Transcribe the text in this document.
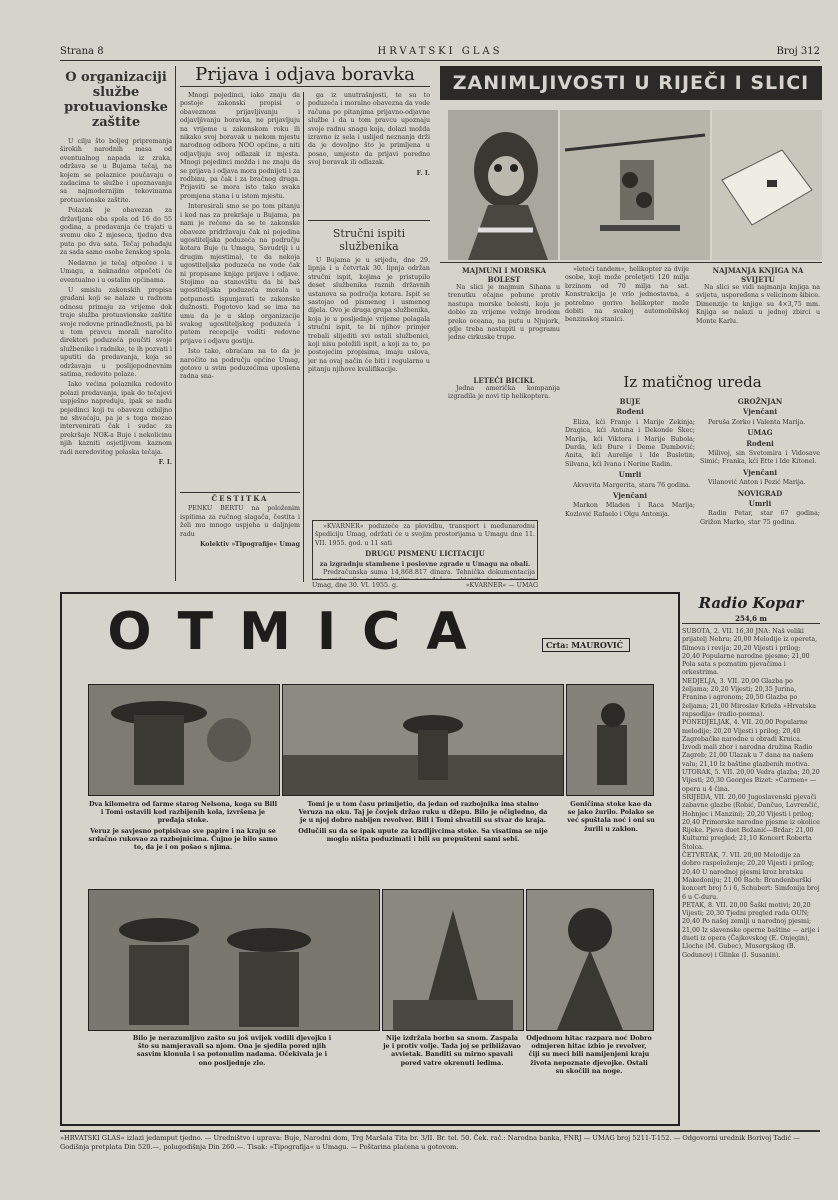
Strana 8	HRVATSKI GLAS	Broj 312
O organizaciji službe protuavionske zaštite

U cilju što boljeg pripremanja širokih narodnih masa od eventualnog napada iz zraka, održava se u Bujama tečaj, na kojem se polaznice poučavaju o zadacima te službe i upoznavanju sa najmodernijim tekovinama protuavionske zaštite.

Polazak je obavezan za državljane oba spola od 16 do 55 godina, a predavanja će trajati u svemu oko 2 mjeseca, tjedno dva puta po dva sata. Tečaj pohađaju za sada samo osobe ženskog spola.

Nedavno je tečaj otpočeo i u Umagu, a naknadno otpočeti će eventualno i u ostalim općinama.

U smislu zakonskih propisa građani koji se nalaze u radnom odnosu primaju za vrijeme dok traje služba protuavionske zaštite svoje redovne prinadležnosti, pa bi u tom pravcu morali naročito direktori poduzeća poučiti svoje službenike i radnike, te ih pozvati i uputiti da predavanja, koja se održavaju u poslijepodnevnim satima, redovito polaze.

Iako većina polaznika redovito polazi predavanja, ipak do tečajevi uspješno napreduju, ipak se nađu pojedinci koji tu obavezu ozbiljno ne shvaćaju, pa je s toga mozao intervenirati čak i sudac za prekršaje NOK-a Buje i nekolicinu njih kazniti osjetljivom kaznom radi neredovitog polaska tečaja.

F. I.
Prijava i odjava boravka

Mnogi pojedinci, iako znaju da postoje zakonski propisi o obaveznom prijavljivanju i odjavljivanju boravka, ne prijavljuju na vrijeme u zakonskom roku ili nikako svoj boravak u nekom mjestu narodnog odbora NOO općine, a niti odjavljuju svoj odlazak iz mjesta. Mnogi pojedinci možda i ne znaju da se prijava i odjava mora podnijeti i za rodbinu, pa čak i za bračnog druga. Prijaviti se mora isto tako svaka promjena stana i u istom mjestu.

Interesirali smo se po tom pitanju i kod nas za prekršaje u Bujama, pa nam je rečeno da se te zakonske obaveze pridržavaju čak ni pojedina ugostiteljska poduzeća na području kotara Buje (u Umagu, Savudriji i u drugim mjestima), te da nekoja ugostiteljska poduzeća ne vode čak ni propisane knjige prijave i odjave. Stojimo na stanovištu da bi baš ugostiteljska poduzeća morala u potpunosti ispunjavati te zakonske dužnosti. Pogotovo kad se ima na umu da je u sklop organizacije svakog ugostiteljskog poduzeća i putem recepcije voditi redovne prijave i odjavu gostiju.

Isto tako, obraćam na to da je naročito na području općine Umag, gotovo u svim poduzećima uposlena radna sna-

ga iz unutrašnjosti, te su to poduzeća i moralno obavezna da vode računa po pitanjima prijavno-odjavne službe i da u tom pravcu upoznaju svoje radnu snagu kojа, dolazi možda izravno iz sela i uslijed neznanja drži da je dovoljno što je primljena u posao, umjesto da prijavi poredno svoj boravak ili odlazak.

F. I.
ČESTITKA

PENKU BERTU na položenim ispitima za ručnog slagača, čestita i želi mu mnogo uspjeha u daljnjem radu

Kolektiv »Tipografije« Umag
Stručni ispiti službenika

U Bujama je u srijedu, dne 29. lipnja i u četvrtak 30. lipnja održan stručni ispit, kojima je pristupilo deset službenika raznih državnih ustanova sa područja kotara. Ispit se sastojao od pismenog i usmenog dijela. Ovo je druga grupa službenika, koja je u posljednje vrijeme polagala stručni ispit, te bi njihov primjer trebali slijediti svi ostali službenici, koji nisu položili ispit, a koji za to, po postojećim propisima, imaju uslova, jer na ovaj način će biti i regularno u pitanju njihove kvalifikacije.

»KVARNER« poduzeće za plovidbu, transport i međunarodnu špediciju Umag, održati će u svojim prostorijama u Umagu dne 11. VII. 1955. god. u 11 sati

DRUGU PISMENU LICITACIJU
za izgradnju stambene i poslovne zgrade u Umagu na obali.

Predračunska suma 14,868.817 dinara. Tehnička dokumentacija

Umag, dne 30. VI. 1955. g.	»KVARNER« — UMAG
ZANIMLJIVOSTI U RIJEČI I SLICI
MAJMUNI I MORSKA BOLEST

Na slici je majmun Sihana u trenutku očajne pobune protiv nastupa morske bolesti, koju je dobio za vrijeme vožnje brodom preko oceana, na putu u Njujork, gdje treba nastupiti u programu jedne cirkuske trupe.

LETEĆI BICIKL

Jedna američka kompanija izgradila je novi tip helikoptera.

»leteći tandem«, helikopter za dvije osobe, koji može proletjeti 120 milja brzinom od 70 milja na sat. Konstrukcija je vrlo jednostavna, a potrebno gorivo helikopter može dobiti na svakoj automobilskoj benzinskoj stanici.

NAJMANJA KNJIGA NA SVIJETU

Na slici se vidi najmanja knjiga na svijetu, uspoređena s velicinom šibice. Dimenzije te knjige su 4×3,75 mm. Knjiga se nalazi u jednoj zbirci u Monte Karlu.

Iz matičnog ureda
BUJE
Rođeni

Eliza, kći Franje i Marije Zekinja; Dragica, kći Antuna i Dekonde Škec; Marija, kći Viktora i Marije Bubola; Durda, kći Đure i Deme Dumbović; Anita, kći Aurelije i Ide Busletin; Silvana, kći Ivana i Nerine Radin.

Umrli

Akvavita Margerita, stara 76 godina.

Vjenčani

Markon Mladen i Raca Marija; Kozlović Rafaelo i Olgu Antonija.

GROŽNJAN
Vjenčani

Peruša Zorko i Valenta Marija.

UMAG
Rođeni

Milivoj, sin Svetomira i Vidosave Simić; Franka, kći Ette i Ide Kitonel.

Vjenčani

Vilanović Anton i Pezić Marija.

NOVIGRAD
Umrli

Radin Petar, star 67 godina; Grižon Marko, star 75 godina.

OTMICA	Crta: MAUROVIĆ
Dva kilometra od farme starog Nelsona, koga su Bill i Tomi ostavili kod razbijenih kola, izvršena je pređaja stoke.
Veruz je savjesno potpisivao sve papire i na kraju se srdačno rukovao za razbojnicima. Čujno je bilo samo to, da je i on pošao s njima.
Tomi je u tom času primijetio, da jedan od razbojnika ima stalno Veruza na oku. Taj je čovjek držao ruku u džepu. Bilo je očigledno, da je u njoj dobro nabijen revolver. Bill i Tomi shvatili su stvar do kraja.
Odlučili su da se ipak uputе za kradljivcima stoke. Sa visatima se nije moglo ništa poduzimati i bili su prepušteni sami sebi.
Goničima stoke kao da se jako žurilo. Polako se već spuštala noć i oni su žurili u zaklon.
Bilo je nerazumljivo zašto su još uvijek vodili djevojku i što su namjeravali sa njom. Ona je sjedila pored njih sasvim klonula i sa potonulim nadama. Očekivala je i ono posljednje zlo.
Nije izdržala borbu sa snom. Zaspala je i protiv volje. Tada joj se pribiižavao avvietak. Banditi su mirno spavali pored vatre okrenuti ledima.
Odjednom hitac razpara noć Dobro odmjeren hitac izbio je revolver, čiji su meci bili namijenjeni kraju života nepoznate djevojke. Ostali su skočili na noge.
Radio Kopar
254,6 m
SUBOTA, 2. VII. 16,30 JNA: Naš veliki prijatelj Nehru; 20,00 Melodije iz opereta, filmova i revija; 20,20 Vijesti i prilog; 20,40 Popularne narodne pjesme; 21,00 Pola sata s poznatim pjevačima i orkestrima.
NEDJELJA, 3. VII. 20,00 Glazba po željama; 20,20 Vijesti; 20,35 Jurina, Franina i agronom; 20,50 Glazba po željama; 21,00 Miroslav Krleža »Hrvatska rapsodija« (radio-poema).
PONEDJELJAK, 4. VII. 20,00 Popularne melodije; 20,20 Vijesti i prilog; 20,40 Zagrebačke narodne u obradi Krnica. Izvodi mali zbor i narodna družina Radio Zagreb; 21,00 Ulazak u 7 dana na našem valu; 21,10 Iz baštine glazbenih motiva.
UTORAK, 5. VII. 20,00 Vedra glazba; 20,20 Vijesti; 20,30 Georges Bizet: »Carmen« — opera u 4 čina.
SRIJEDA, VII. 20,00 Jugoslavenski pjevači zabavne glazbe (Robić, Dančuo, Lavrenčić, Hohnjec i Manzini); 20,20 Vijesti i prilog; 20,40 Primorske narodne pjesme iz okolice Rijeke. Pjeva duet Božanić—Brdar; 21,00 Kulturni pregled; 21,10 Koncert Roberta Štolca.
ČETVRTAK, 7. VII. 20,00 Melodije za dobro raspoloženje; 20,20 Vijesti i prilog; 20,40 U narodnoj pjesmi kroz bratsku Makedoniju; 21,00 Bach: Brandenburški koncert broj 5 i 6, Schubert: Simfonija broj 6 u C-duru.
PETAK, 8. VII. 20,00 Šaški motivi; 20,20 Vijesti; 20,30 Tjedni pregled rada OUN; 20,40 Po našoj zemlji u narodnoj pjesmi; 21,00 Iz slavenske operne baštine — arije i dueti iz opera (Čajkovskog (E. Onjegin), Lloche (M. Gubec), Musorgskog (B. Godunov) i Glinke (I. Susanin).
»HRVATSKI GLAS« izlazi jedamput tjedno. — Uredništvo i uprava: Buje, Narodni dom, Trg Maršala Tita br. 3/II. Br. tel. 50. Ček. rač.: Narodna banka, FNRJ — UMAG broj 5211-T-152. — Odgovorni urednik Borivoj Tadić — Godišnja pretplata Din 520.—, polugodišnja Din 260.—. Tisak: »Tipografija« u Umagu. — Poštarina plaćena u gotovom.
